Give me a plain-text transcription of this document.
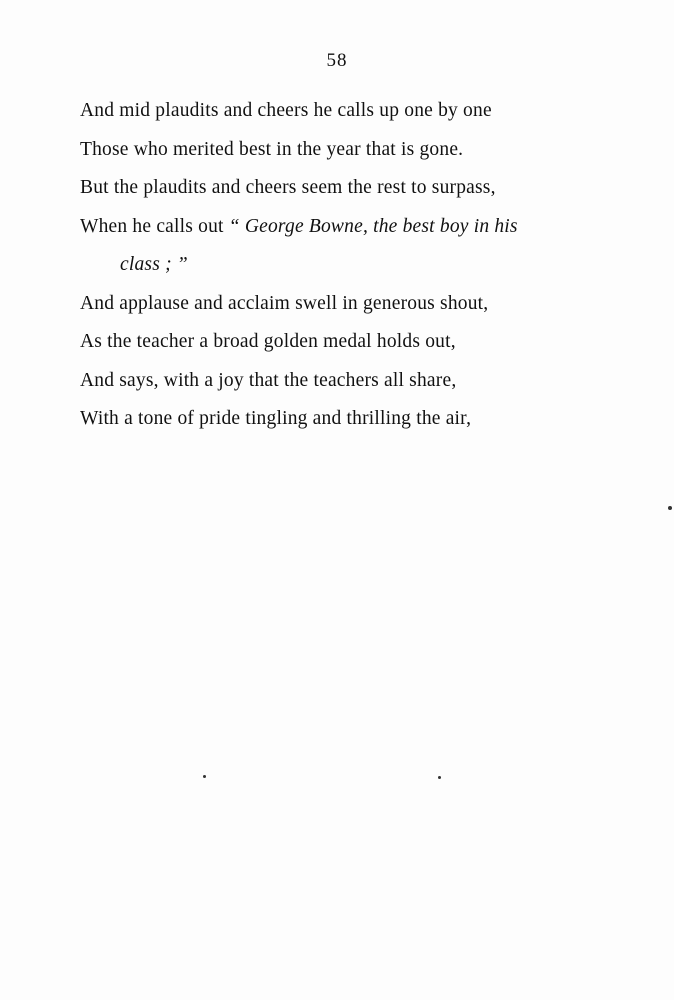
58
And mid plaudits and cheers he calls up one by one
Those who merited best in the year that is gone.
But the plaudits and cheers seem the rest to surpass,
When he calls out “ George Bowne, the best boy in his
class ; ”
And applause and acclaim swell in generous shout,
As the teacher a broad golden medal holds out,
And says, with a joy that the teachers all share,
With a tone of pride tingling and thrilling the air,
